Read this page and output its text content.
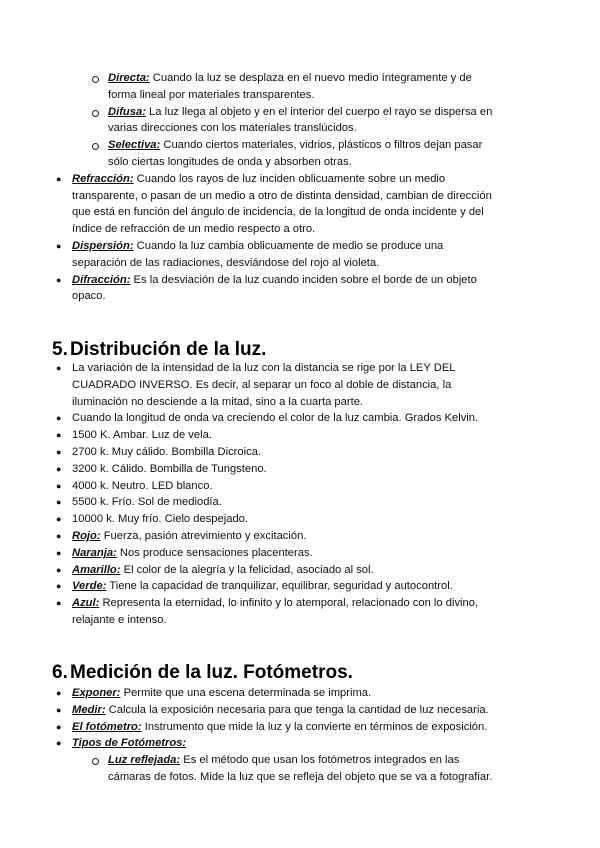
Directa: Cuando la luz se desplaza en el nuevo medio íntegramente y de
forma lineal por materiales transparentes.
Difusa: La luz llega al objeto y en el interior del cuerpo el rayo se dispersa en
varias direcciones con los materiales translúcidos.
Selectiva: Cuando ciertos materiales, vidrios, plásticos o filtros dejan pasar
sólo ciertas longitudes de onda y absorben otras.
● Refracción: Cuando los rayos de luz inciden oblicuamente sobre un medio
transparente, o pasan de un medio a otro de distinta densidad, cambian de dirección
que está en función del ángulo de incidencia, de la longitud de onda incidente y del
índice de refracción de un medio respecto a otro.
● Dispersión: Cuando la luz cambia oblicuamente de medio se produce una
separación de las radiaciones, desviándose del rojo al violeta.
● Difracción: Es la desviación de la luz cuando inciden sobre el borde de un objeto
opaco.
5. Distribución de la luz.
● La variación de la intensidad de la luz con la distancia se rige por la LEY DEL
CUADRADO INVERSO. Es decir, al separar un foco al doble de distancia, la
iluminación no desciende a la mitad, sino a la cuarta parte.
● Cuando la longitud de onda va creciendo el color de la luz cambia. Grados Kelvin.
● 1500 K. Ambar. Luz de vela.
● 2700 k. Muy cálido. Bombilla Dicroica.
● 3200 k. Cálido. Bombilla de Tungsteno.
● 4000 k. Neutro. LED blanco.
● 5500 k. Frío. Sol de mediodía.
● 10000 k. Muy frío. Cielo despejado.
● Rojo: Fuerza, pasión atrevimiento y excitación.
● Naranja: Nos produce sensaciones placenteras.
● Amarillo: El color de la alegría y la felicidad, asociado al sol.
● Verde: Tiene la capacidad de tranquilizar, equilibrar, seguridad y autocontrol.
● Azul: Representa la eternidad, lo infinito y lo atemporal, relacionado con lo divino,
relajante e intenso.
6. Medición de la luz. Fotómetros.
● Exponer: Permite que una escena determinada se imprima.
● Medir: Calcula la exposición necesaria para que tenga la cantidad de luz necesaria.
● El fotómetro: Instrumento que mide la luz y la convierte en términos de exposición.
● Tipos de Fotómetros:
Luz reflejada: Es el método que usan los fotómetros integrados en las
cámaras de fotos. Mide la luz que se refleja del objeto que se va a fotografiar.
